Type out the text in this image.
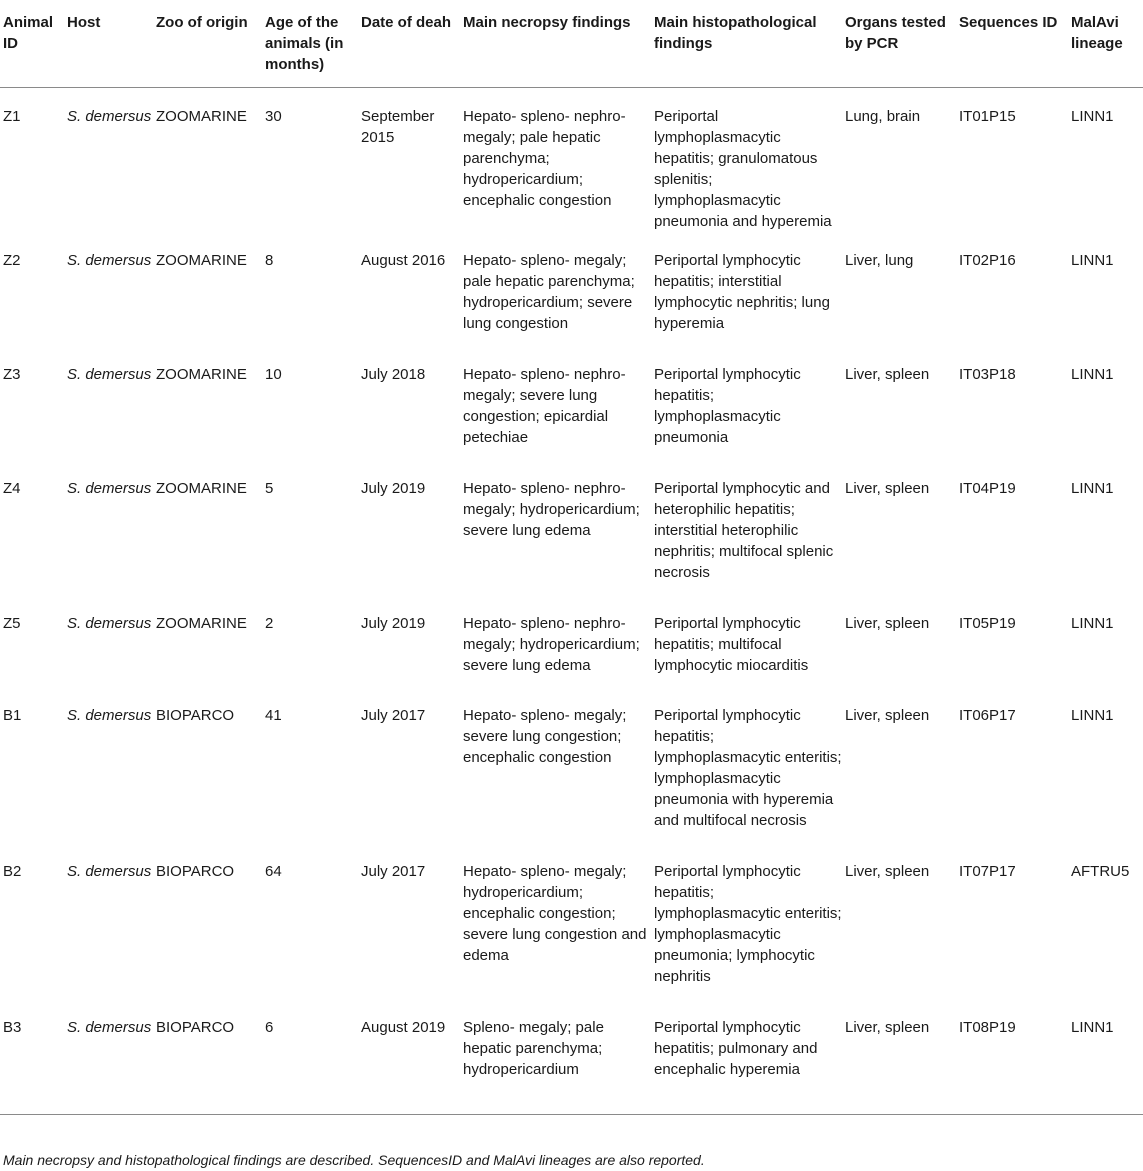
Animal ID	Host	Zoo of origin	Age of the animals (in months)	Date of deah	Main necropsy findings	Main histopathological findings	Organs tested by PCR	Sequences ID	MalAvi lineage
Z1	S. demersus	ZOOMARINE	30	September 2015	Hepato- spleno- nephro-megaly; pale hepatic parenchyma; hydropericardium; encephalic congestion	Periportal lymphoplasmacytic hepatitis; granulomatous splenitis; lymphoplasmacytic pneumonia and hyperemia	Lung, brain	IT01P15	LINN1
Z2	S. demersus	ZOOMARINE	8	August 2016	Hepato- spleno- megaly; pale hepatic parenchyma; hydropericardium; severe lung congestion	Periportal lymphocytic hepatitis; interstitial lymphocytic nephritis; lung hyperemia	Liver, lung	IT02P16	LINN1
Z3	S. demersus	ZOOMARINE	10	July 2018	Hepato- spleno- nephro-megaly; severe lung congestion; epicardial petechiae	Periportal lymphocytic hepatitis; lymphoplasmacytic pneumonia	Liver, spleen	IT03P18	LINN1
Z4	S. demersus	ZOOMARINE	5	July 2019	Hepato- spleno- nephro-megaly; hydropericardium; severe lung edema	Periportal lymphocytic and heterophilic hepatitis; interstitial heterophilic nephritis; multifocal splenic necrosis	Liver, spleen	IT04P19	LINN1
Z5	S. demersus	ZOOMARINE	2	July 2019	Hepato- spleno- nephro-megaly; hydropericardium; severe lung edema	Periportal lymphocytic hepatitis; multifocal lymphocytic miocarditis	Liver, spleen	IT05P19	LINN1
B1	S. demersus	BIOPARCO	41	July 2017	Hepato- spleno- megaly; severe lung congestion; encephalic congestion	Periportal lymphocytic hepatitis; lymphoplasmacytic enteritis; lymphoplasmacytic pneumonia with hyperemia and multifocal necrosis	Liver, spleen	IT06P17	LINN1
B2	S. demersus	BIOPARCO	64	July 2017	Hepato- spleno- megaly; hydropericardium; encephalic congestion; severe lung congestion and edema	Periportal lymphocytic hepatitis; lymphoplasmacytic enteritis; lymphoplasmacytic pneumonia; lymphocytic nephritis	Liver, spleen	IT07P17	AFTRU5
B3	S. demersus	BIOPARCO	6	August 2019	Spleno- megaly; pale hepatic parenchyma; hydropericardium	Periportal lymphocytic hepatitis; pulmonary and encephalic hyperemia	Liver, spleen	IT08P19	LINN1
Main necropsy and histopathological findings are described. SequencesID and MalAvi lineages are also reported.
